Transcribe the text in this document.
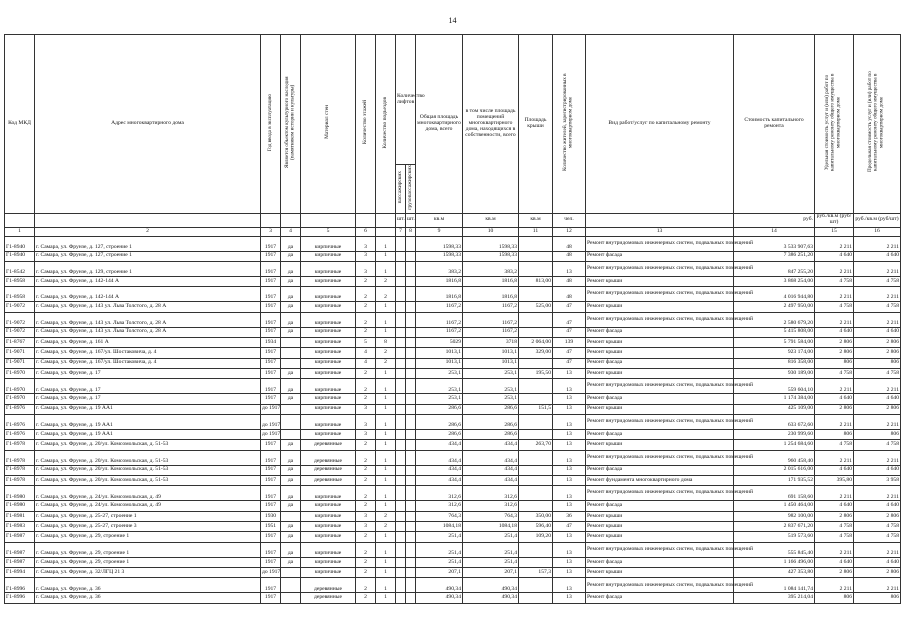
14
Код МКД	Адрес многоквартирного дома	Год ввода в эксплуатацию	Является объектом культурного наследия (памятником истории и культуры)	Материал стен	Количество этажей	Количество подъездов	Количество лифтов		Общая площадь многоквартирного дома, всего	в том числе площадь помещений многоквартирного дома, находящихся в собственности, всего	Площадь крыши	Количество жителей, зарегистрированных в многоквартирном доме	Вид работ/услуг по капитальному ремонту	Стоимость капитального ремонта	Удельная стоимость услуг и (или) работ по капитальному ремонту общего имущества в многоквартирном доме	Предельная стоимость услуг и (или) работ по капитальному ремонту общего имущества в многоквартирном доме
							пассажирских	грузопассажирских								
							шт.	шт.	кв.м	кв.м	кв.м	чел.		руб.	руб./кв.м (руб/шт)	руб./кв.м (руб/шт)
1	2	3	4	5	6		7	8	9	10	11	12	13	14	15	16
Г1-8940	г. Самара, ул. Фрунзе, д. 127, строение 1	1917	да	кирпичные	3	1			1598,33	1598,33		48	Ремонт внутридомовых инженерных систем, подвальных помещений	3 533 907,63	2 211	2 211
Г1-8940	г. Самара, ул. Фрунзе, д. 127, строение 1	1917	да	кирпичные	3	1			1598,33	1598,33		48	Ремонт фасада	7 386 251,20	4 640	4 640
Г1-8542	г. Самара, ул. Фрунзе, д. 129, строение 1	1917	да	кирпичные	3	1			383,2	383,2		13	Ремонт внутридомовых инженерных систем, подвальных помещений	847 255,20	2 211	2 211
Г1-8958	г. Самара, ул. Фрунзе, д. 142-144 А	1917	да	кирпичные	2	2			1816,8	1816,8	813,00	48	Ремонт крыши	3 868 254,00	4 758	4 758
Г1-8958	г. Самара, ул. Фрунзе, д. 142-144 А	1917	да	кирпичные	2	2			1816,8	1816,8		48	Ремонт внутридомовых инженерных систем, подвальных помещений	4 016 944,80	2 211	2 211
Г1-9072	г. Самара, ул. Фрунзе, д. 143 ул. Льва Толстого, д. 28 А	1917	да	кирпичные	2	1			1167,2	1167,2	525,00	47	Ремонт крыши	2 497 950,00	4 758	4 758
Г1-9072	г. Самара, ул. Фрунзе, д. 143 ул. Льва Толстого, д. 28 А	1917	да	кирпичные	2	1			1167,2	1167,2		47	Ремонт внутридомовых инженерных систем, подвальных помещений	2 580 679,20	2 211	2 211
Г1-9072	г. Самара, ул. Фрунзе, д. 143 ул. Льва Толстого, д. 28 А	1917	да	кирпичные	2	1			1167,2	1167,2		47	Ремонт фасада	5 415 808,00	4 640	4 640
Г1-8767	г. Самара, ул. Фрунзе, д. 161 А	1934		кирпичные	5	8			5029	3718	2 064,00	139	Ремонт крыши	5 791 584,00	2 806	2 806
Г1-9071	г. Самара, ул. Фрунзе, д. 167/ул. Шостаковича, д. 4	1917		кирпичные	4	2			1013,1	1013,1	329,00	47	Ремонт крыши	923 174,00	2 806	2 806
Г1-9071	г. Самара, ул. Фрунзе, д. 167/ул. Шостаковича, д. 4	1917		кирпичные	4	2			1013,1	1013,1		47	Ремонт фасада	816 358,00	806	806
Г1-8970	г. Самара, ул. Фрунзе, д. 17	1917	да	кирпичные	2	1			253,1	253,1	195,50	13	Ремонт крыши	930 189,00	4 758	4 758
Г1-8970	г. Самара, ул. Фрунзе, д. 17	1917	да	кирпичные	2	1			253,1	253,1		13	Ремонт внутридомовых инженерных систем, подвальных помещений	559 604,10	2 211	2 211
Г1-8970	г. Самара, ул. Фрунзе, д. 17	1917	да	кирпичные	2	1			253,1	253,1		13	Ремонт фасада	1 174 384,00	4 640	4 640
Г1-8976	г. Самара, ул. Фрунзе, д. 19 АА1	до 1917		кирпичные	3	1			286,6	286,6	151,5	13	Ремонт крыши	425 109,00	2 806	2 806
Г1-8976	г. Самара, ул. Фрунзе, д. 19 АА1	до 1917		кирпичные	3	1			286,6	286,6		13	Ремонт внутридомовых инженерных систем, подвальных помещений	633 672,60	2 211	2 211
Г1-8976	г. Самара, ул. Фрунзе, д. 19 АА1	до 1917		кирпичные	3	1			286,6	286,6		13	Ремонт фасада	230 999,60	806	806
Г1-8978	г. Самара, ул. Фрунзе, д. 20/ул. Комсомольская, д. 51-53	1917	да	деревянные	2	1			434,4	434,4	263,70	13	Ремонт крыши	1 254 684,60	4 758	4 758
Г1-8978	г. Самара, ул. Фрунзе, д. 20/ул. Комсомольская, д. 51-53	1917	да	деревянные	2	1			434,4	434,4		13	Ремонт внутридомовых инженерных систем, подвальных помещений	960 458,40	2 211	2 211
Г1-8978	г. Самара, ул. Фрунзе, д. 20/ул. Комсомольская, д. 51-53	1917	да	деревянные	2	1			434,4	434,4		13	Ремонт фасада	2 015 616,00	4 640	4 640
Г1-8978	г. Самара, ул. Фрунзе, д. 20/ул. Комсомольская, д. 51-53	1917	да	деревянные	2	1			434,4	434,4		13	Ремонт фундамента многоквартирного дома	171 935,52	395,80	3 958
Г1-8980	г. Самара, ул. Фрунзе, д. 24/ул. Комсомольская, д. 49	1917	да	кирпичные	2	1			312,6	312,6		13	Ремонт внутридомовых инженерных систем, подвальных помещений	691 158,60	2 211	2 211
Г1-8980	г. Самара, ул. Фрунзе, д. 24/ул. Комсомольская, д. 49	1917	да	кирпичные	2	1			312,6	312,6		13	Ремонт фасада	1 450 464,00	4 640	4 640
Г1-8981	г. Самара, ул. Фрунзе, д. 25-27, строение 1	1930		кирпичные	3	2			764,3	764,3	350,00	36	Ремонт крыши	982 100,00	2 806	2 806
Г1-8983	г. Самара, ул. Фрунзе, д. 25-27, строение 3	1951	да	кирпичные	3	2			1084,18	1084,18	596,40	47	Ремонт крыши	2 837 671,20	4 758	4 758
Г1-8987	г. Самара, ул. Фрунзе, д. 29, строение 1	1917	да	кирпичные	2	1			251,4	251,4	109,20	13	Ремонт крыши	519 573,60	4 758	4 758
Г1-8987	г. Самара, ул. Фрунзе, д. 29, строение 1	1917	да	кирпичные	2	1			251,4	251,4		13	Ремонт внутридомовых инженерных систем, подвальных помещений	555 845,40	2 211	2 211
Г1-8987	г. Самара, ул. Фрунзе, д. 29, строение 1	1917	да	кирпичные	2	1			251,4	251,4		13	Ремонт фасада	1 166 496,00	4 640	4 640
Г1-8994	г. Самара, ул. Фрунзе, д. 32/ЛГЦ 21 3	до 1917		кирпичные	2	1			207,1	207,1	157,3	13	Ремонт крыши	427 353,80	2 806	2 806
Г1-8996	г. Самара, ул. Фрунзе, д. 36	1917		деревянные	2	1			490,34	490,34		13	Ремонт внутридомовых инженерных систем, подвальных помещений	1 084 141,74	2 211	2 211
Г1-8996	г. Самара, ул. Фрунзе, д. 36	1917		деревянные	2	1			490,34	490,34		13	Ремонт фасада	395 214,04	806	806
